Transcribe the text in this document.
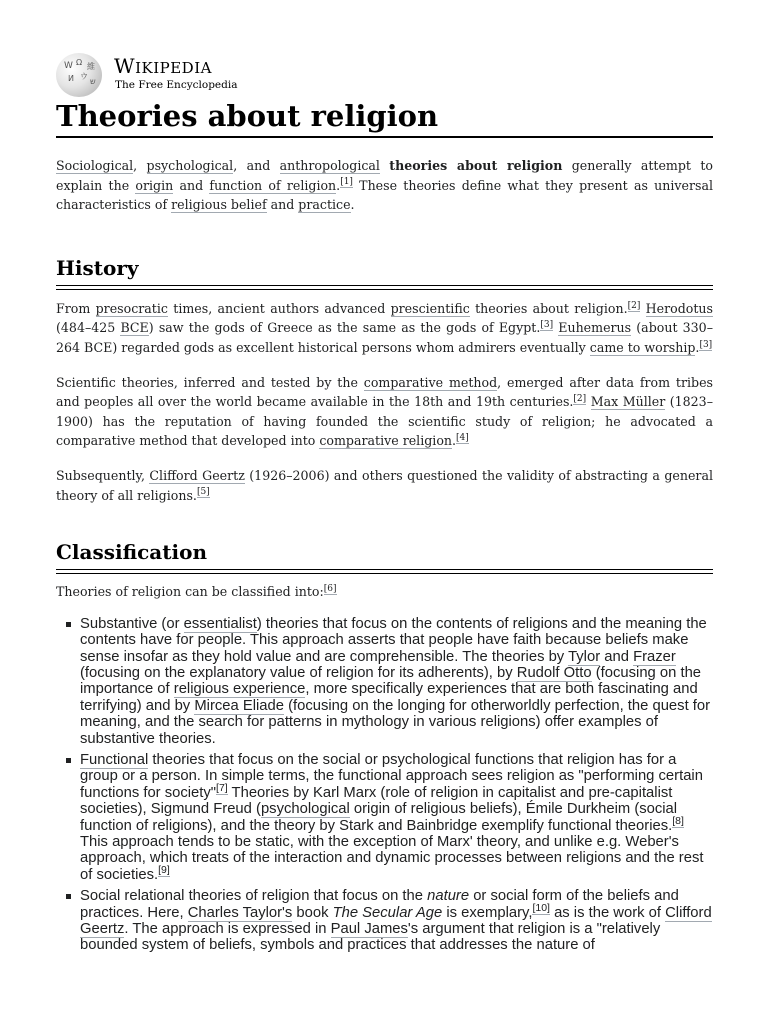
W Ω 維
И ウ
ש
WIKIPEDIA
The Free Encyclopedia
Theories about religion

Sociological, psychological, and anthropological theories about religion generally attempt to explain the origin and function of religion.[1] These theories define what they present as universal characteristics of religious belief and practice.

History

From presocratic times, ancient authors advanced prescientific theories about religion.[2] Herodotus (484–425 BCE) saw the gods of Greece as the same as the gods of Egypt.[3] Euhemerus (about 330–264 BCE) regarded gods as excellent historical persons whom admirers eventually came to worship.[3]

Scientific theories, inferred and tested by the comparative method, emerged after data from tribes and peoples all over the world became available in the 18th and 19th centuries.[2] Max Müller (1823–1900) has the reputation of having founded the scientific study of religion; he advocated a comparative method that developed into comparative religion.[4]

Subsequently, Clifford Geertz (1926–2006) and others questioned the validity of abstracting a general theory of all religions.[5]

Classification

Theories of religion can be classified into:[6]

Substantive (or essentialist) theories that focus on the contents of religions and the meaning the contents have for people. This approach asserts that people have faith because beliefs make sense insofar as they hold value and are comprehensible. The theories by Tylor and Frazer (focusing on the explanatory value of religion for its adherents), by Rudolf Otto (focusing on the importance of religious experience, more specifically experiences that are both fascinating and terrifying) and by Mircea Eliade (focusing on the longing for otherworldly perfection, the quest for meaning, and the search for patterns in mythology in various religions) offer examples of substantive theories.
Functional theories that focus on the social or psychological functions that religion has for a group or a person. In simple terms, the functional approach sees religion as "performing certain functions for society"[7] Theories by Karl Marx (role of religion in capitalist and pre-capitalist societies), Sigmund Freud (psychological origin of religious beliefs), Émile Durkheim (social function of religions), and the theory by Stark and Bainbridge exemplify functional theories.[8] This approach tends to be static, with the exception of Marx' theory, and unlike e.g. Weber's approach, which treats of the interaction and dynamic processes between religions and the rest of societies.[9]
Social relational theories of religion that focus on the nature or social form of the beliefs and practices. Here, Charles Taylor's book The Secular Age is exemplary,[10] as is the work of Clifford Geertz. The approach is expressed in Paul James's argument that religion is a "relatively bounded system of beliefs, symbols and practices that addresses the nature of
